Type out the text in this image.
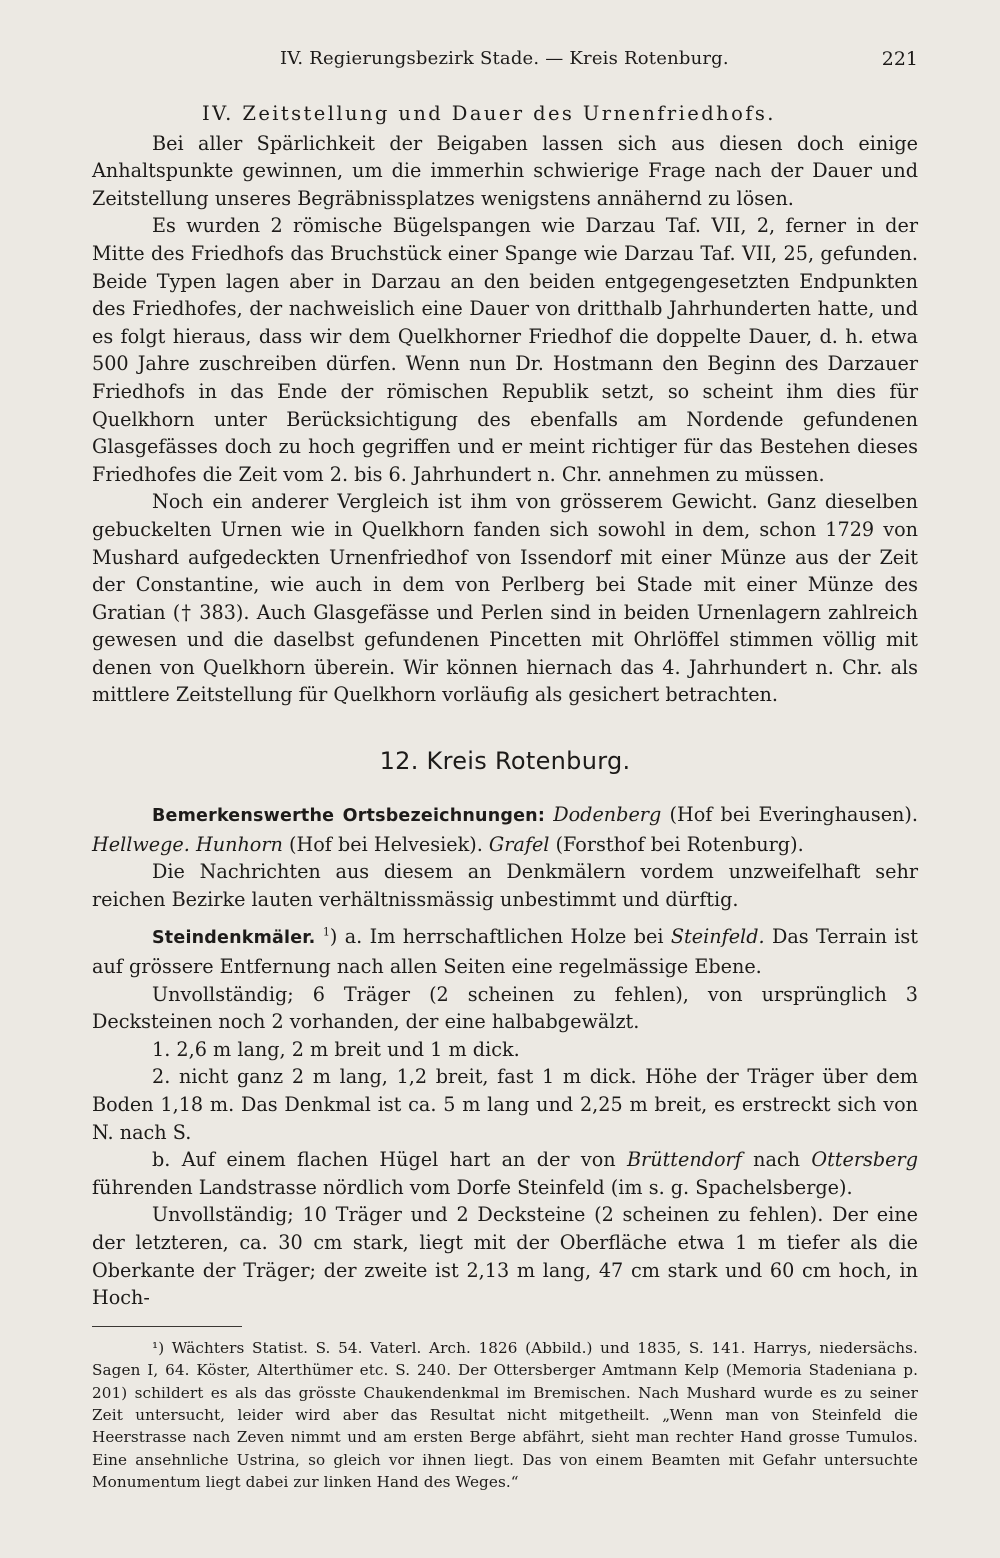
IV. Regierungsbezirk Stade. — Kreis Rotenburg.	221
IV. Zeitstellung und Dauer des Urnenfriedhofs.

Bei aller Spärlichkeit der Beigaben lassen sich aus diesen doch einige Anhaltspunkte gewinnen, um die immerhin schwierige Frage nach der Dauer und Zeitstellung unseres Begräbnissplatzes wenigstens annähernd zu lösen.

Es wurden 2 römische Bügelspangen wie Darzau Taf. VII, 2, ferner in der Mitte des Friedhofs das Bruchstück einer Spange wie Darzau Taf. VII, 25, gefunden. Beide Typen lagen aber in Darzau an den beiden entgegengesetzten Endpunkten des Friedhofes, der nachweislich eine Dauer von dritthalb Jahrhunderten hatte, und es folgt hieraus, dass wir dem Quelkhorner Friedhof die doppelte Dauer, d. h. etwa 500 Jahre zuschreiben dürfen. Wenn nun Dr. Hostmann den Beginn des Darzauer Friedhofs in das Ende der römischen Republik setzt, so scheint ihm dies für Quelkhorn unter Berücksichtigung des ebenfalls am Nordende gefundenen Glasgefässes doch zu hoch gegriffen und er meint richtiger für das Bestehen dieses Friedhofes die Zeit vom 2. bis 6. Jahrhundert n. Chr. annehmen zu müssen.

Noch ein anderer Vergleich ist ihm von grösserem Gewicht. Ganz dieselben gebuckelten Urnen wie in Quelkhorn fanden sich sowohl in dem, schon 1729 von Mushard aufgedeckten Urnenfriedhof von Issendorf mit einer Münze aus der Zeit der Constantine, wie auch in dem von Perlberg bei Stade mit einer Münze des Gratian († 383). Auch Glasgefässe und Perlen sind in beiden Urnenlagern zahlreich gewesen und die daselbst gefundenen Pincetten mit Ohrlöffel stimmen völlig mit denen von Quelkhorn überein. Wir können hiernach das 4. Jahrhundert n. Chr. als mittlere Zeitstellung für Quelkhorn vorläufig als gesichert betrachten.

12. Kreis Rotenburg.

Bemerkenswerthe Ortsbezeichnungen: Dodenberg (Hof bei Everinghausen). Hellwege. Hunhorn (Hof bei Helvesiek). Grafel (Forsthof bei Rotenburg).

Die Nachrichten aus diesem an Denkmälern vordem unzweifelhaft sehr reichen Bezirke lauten verhältnissmässig unbestimmt und dürftig.

Steindenkmäler. $^1$) a. Im herrschaftlichen Holze bei Steinfeld. Das Terrain ist auf grössere Entfernung nach allen Seiten eine regelmässige Ebene.

Unvollständig; 6 Träger (2 scheinen zu fehlen), von ursprünglich 3 Decksteinen noch 2 vorhanden, der eine halbabgewälzt.

1. 2,6 m lang, 2 m breit und 1 m dick.

2. nicht ganz 2 m lang, 1,2 breit, fast 1 m dick. Höhe der Träger über dem Boden 1,18 m. Das Denkmal ist ca. 5 m lang und 2,25 m breit, es erstreckt sich von N. nach S.

b. Auf einem flachen Hügel hart an der von Brüttendorf nach Ottersberg führenden Landstrasse nördlich vom Dorfe Steinfeld (im s. g. Spachelsberge).

Unvollständig; 10 Träger und 2 Decksteine (2 scheinen zu fehlen). Der eine der letzteren, ca. 30 cm stark, liegt mit der Oberfläche etwa 1 m tiefer als die Oberkante der Träger; der zweite ist 2,13 m lang, 47 cm stark und 60 cm hoch, in Hoch-

¹) Wächters Statist. S. 54. Vaterl. Arch. 1826 (Abbild.) und 1835, S. 141. Harrys, niedersächs. Sagen I, 64. Köster, Alterthümer etc. S. 240. Der Ottersberger Amtmann Kelp (Memoria Stadeniana p. 201) schildert es als das grösste Chaukendenkmal im Bremischen. Nach Mushard wurde es zu seiner Zeit untersucht, leider wird aber das Resultat nicht mitgetheilt. „Wenn man von Steinfeld die Heerstrasse nach Zeven nimmt und am ersten Berge abfährt, sieht man rechter Hand grosse Tumulos. Eine ansehnliche Ustrina, so gleich vor ihnen liegt. Das von einem Beamten mit Gefahr untersuchte Monumentum liegt dabei zur linken Hand des Weges.“
